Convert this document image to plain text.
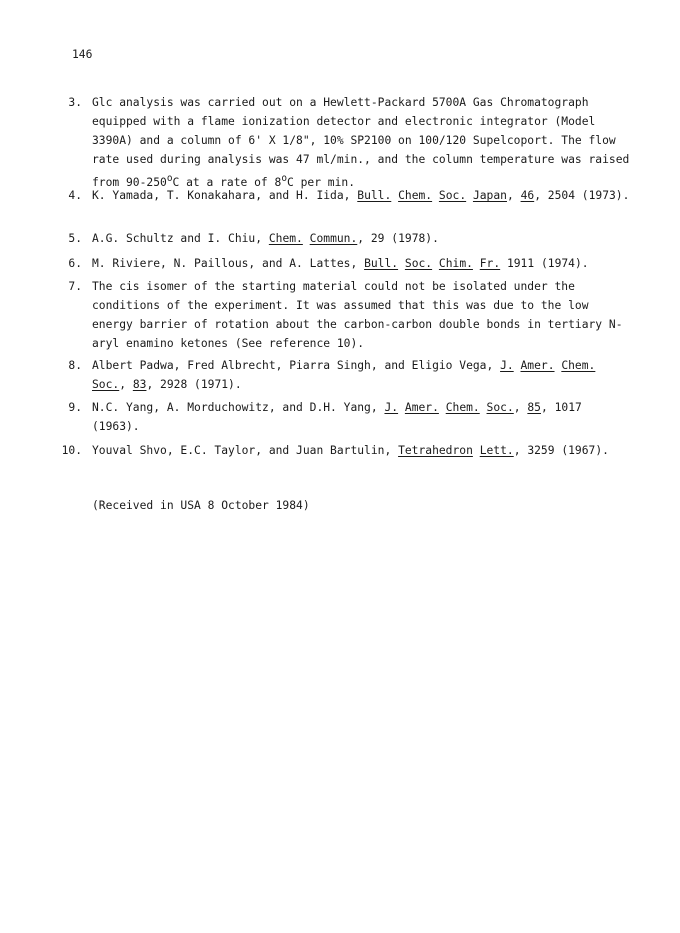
146
3. Glc analysis was carried out on a Hewlett-Packard 5700A Gas Chromatograph equipped with a flame ionization detector and electronic integrator (Model 3390A) and a column of 6' X 1/8", 10% SP2100 on 100/120 Supelcoport. The flow rate used during analysis was 47 ml/min., and the column temperature was raised from 90-250$^o$C at a rate of 8$^o$C per min.
4. K. Yamada, T. Konakahara, and H. Iida, Bull. Chem. Soc. Japan, 46, 2504 (1973).
5. A.G. Schultz and I. Chiu, Chem. Commun., 29 (1978).
6. M. Riviere, N. Paillous, and A. Lattes, Bull. Soc. Chim. Fr. 1911 (1974).
7. The cis isomer of the starting material could not be isolated under the conditions of the experiment. It was assumed that this was due to the low energy barrier of rotation about the carbon-carbon double bonds in tertiary N-aryl enamino ketones (See reference 10).
8. Albert Padwa, Fred Albrecht, Piarra Singh, and Eligio Vega, J. Amer. Chem. Soc., 83, 2928 (1971).
9. N.C. Yang, A. Morduchowitz, and D.H. Yang, J. Amer. Chem. Soc., 85, 1017 (1963).
10. Youval Shvo, E.C. Taylor, and Juan Bartulin, Tetrahedron Lett., 3259 (1967).
(Received in USA 8 October 1984)
